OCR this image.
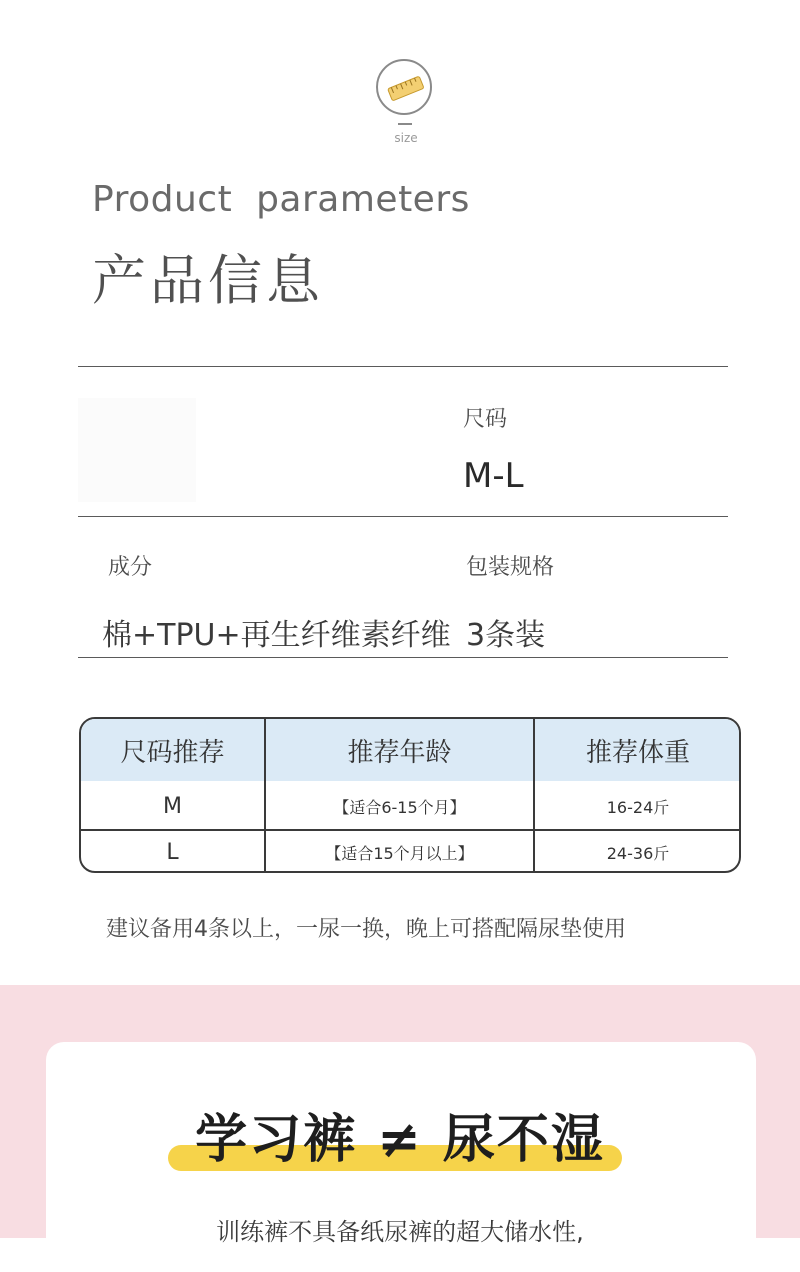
size
Product  parameters
产品信息
尺码
M-L
成分
棉+TPU+再生纤维素纤维
包装规格
3条装
尺码推荐	推荐年龄	推荐体重
M	【适合6-15个月】	16-24斤
L	【适合15个月以上】	24-36斤
建议备用4条以上，一尿一换，晚上可搭配隔尿垫使用
学习裤 ≠ 尿不湿
训练裤不具备纸尿裤的超大储水性,
